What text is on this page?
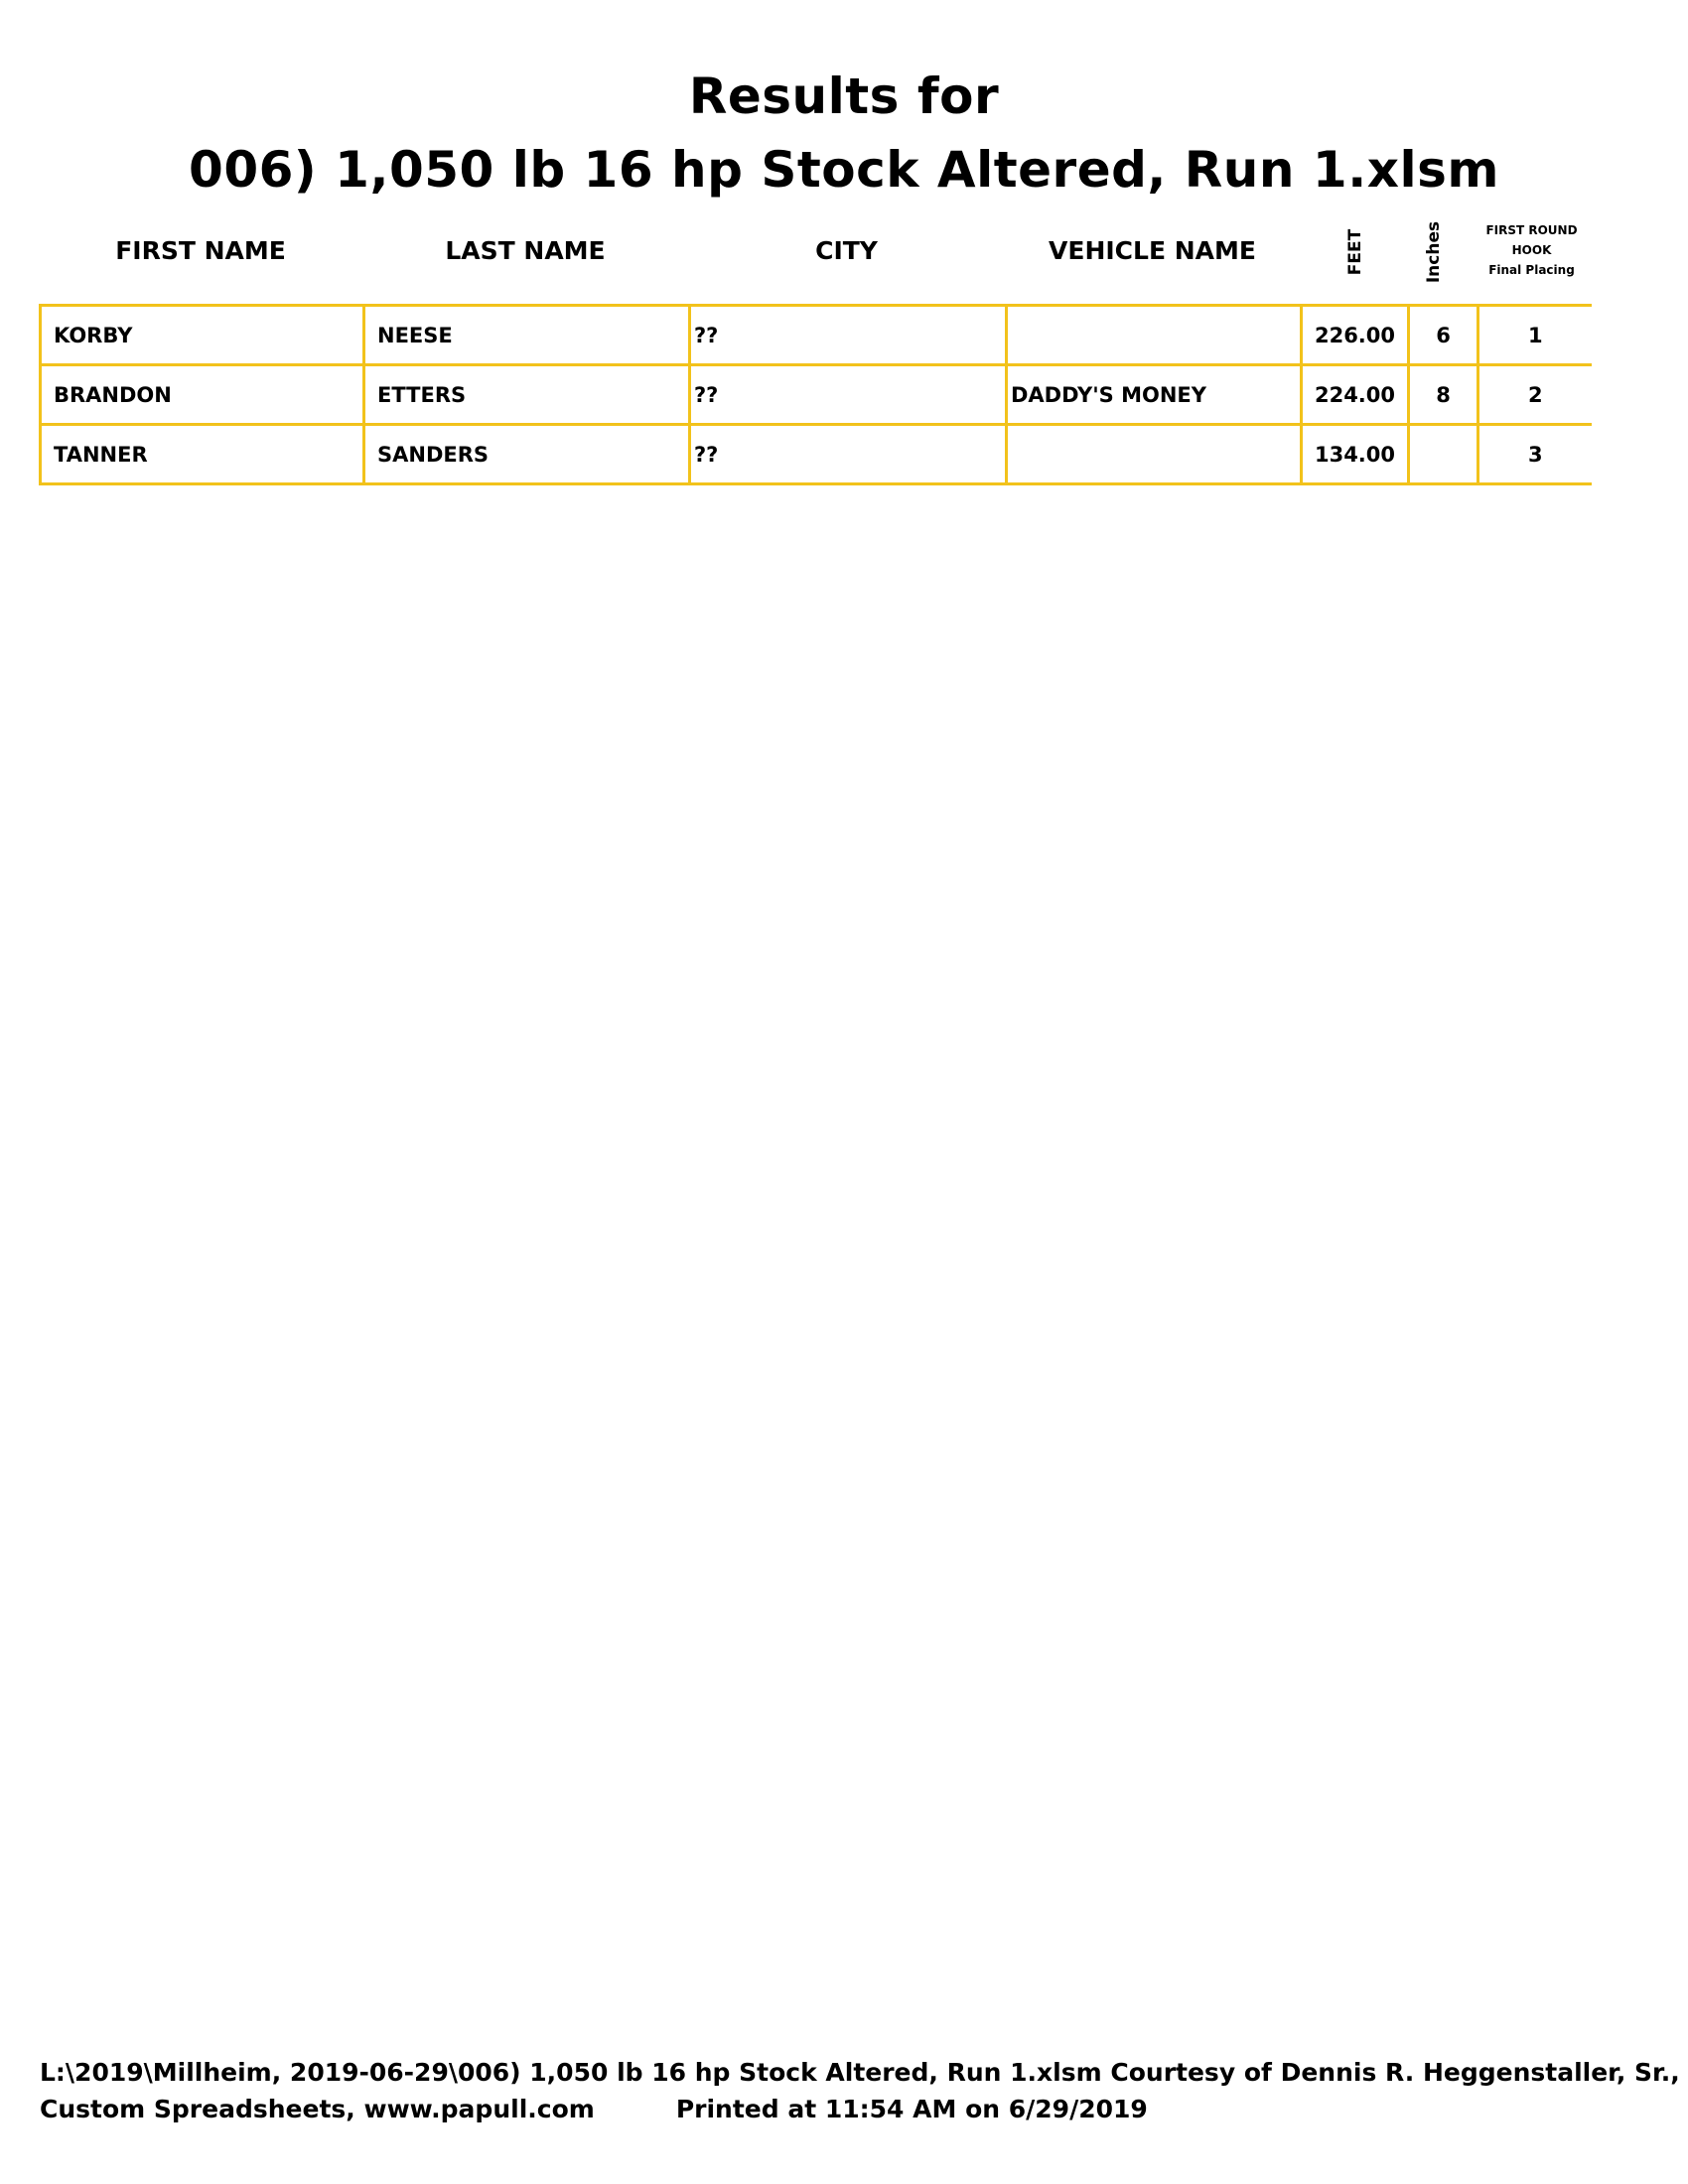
Results for
006) 1,050 lb 16 hp Stock Altered, Run 1.xlsm
FIRST NAME	LAST NAME	CITY	VEHICLE NAME	FEET	Inches	FIRST ROUND
HOOK
Final Placing
KORBY	NEESE	??		226.00	6	1
BRANDON	ETTERS	??	DADDY'S MONEY	224.00	8	2
TANNER	SANDERS	??		134.00		3
L:\2019\Millheim, 2019-06-29\006) 1,050 lb 16 hp Stock Altered, Run 1.xlsm Courtesy of Dennis R. Heggenstaller, Sr.,
Custom Spreadsheets, www.papull.com	Printed at 11:54 AM on 6/29/2019
